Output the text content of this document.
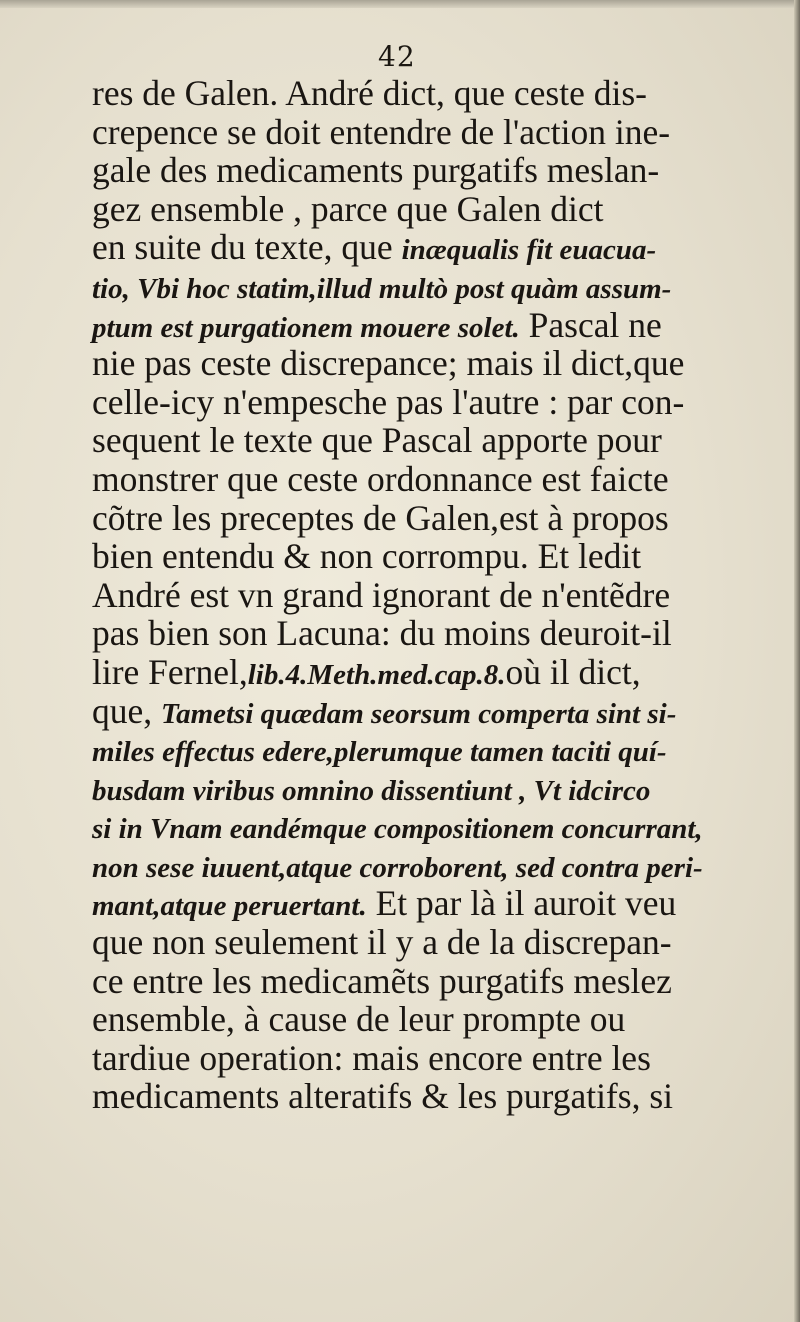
42
res de Galen. André dict, que ceste dis-
crepence se doit entendre de l'action ine-
gale des medicaments purgatifs meslan-
gez ensemble , parce que Galen dict
en suite du texte, que inæqualis fit euacua-
tio, Vbi hoc statim,illud multò post quàm assum-
ptum est purgationem mouere solet. Pascal ne
nie pas ceste discrepance; mais il dict,que
celle-icy n'empesche pas l'autre : par con-
sequent le texte que Pascal apporte pour
monstrer que ceste ordonnance est faicte
cõtre les preceptes de Galen,est à propos
bien entendu & non corrompu. Et ledit
André est vn grand ignorant de n'entẽdre
pas bien son Lacuna: du moins deuroit-il
lire Fernel,lib.4.Meth.med.cap.8.où il dict,
que, Tametsi quædam seorsum comperta sint si-
miles effectus edere,plerumque tamen taciti quí-
busdam viribus omnino dissentiunt , Vt idcirco
si in Vnam eandémque compositionem concurrant,
non sese iuuent,atque corroborent, sed contra peri-
mant,atque peruertant. Et par là il auroit veu
que non seulement il y a de la discrepan-
ce entre les medicamẽts purgatifs meslez
ensemble, à cause de leur prompte ou
tardiue operation: mais encore entre les
medicaments alteratifs & les purgatifs, si
